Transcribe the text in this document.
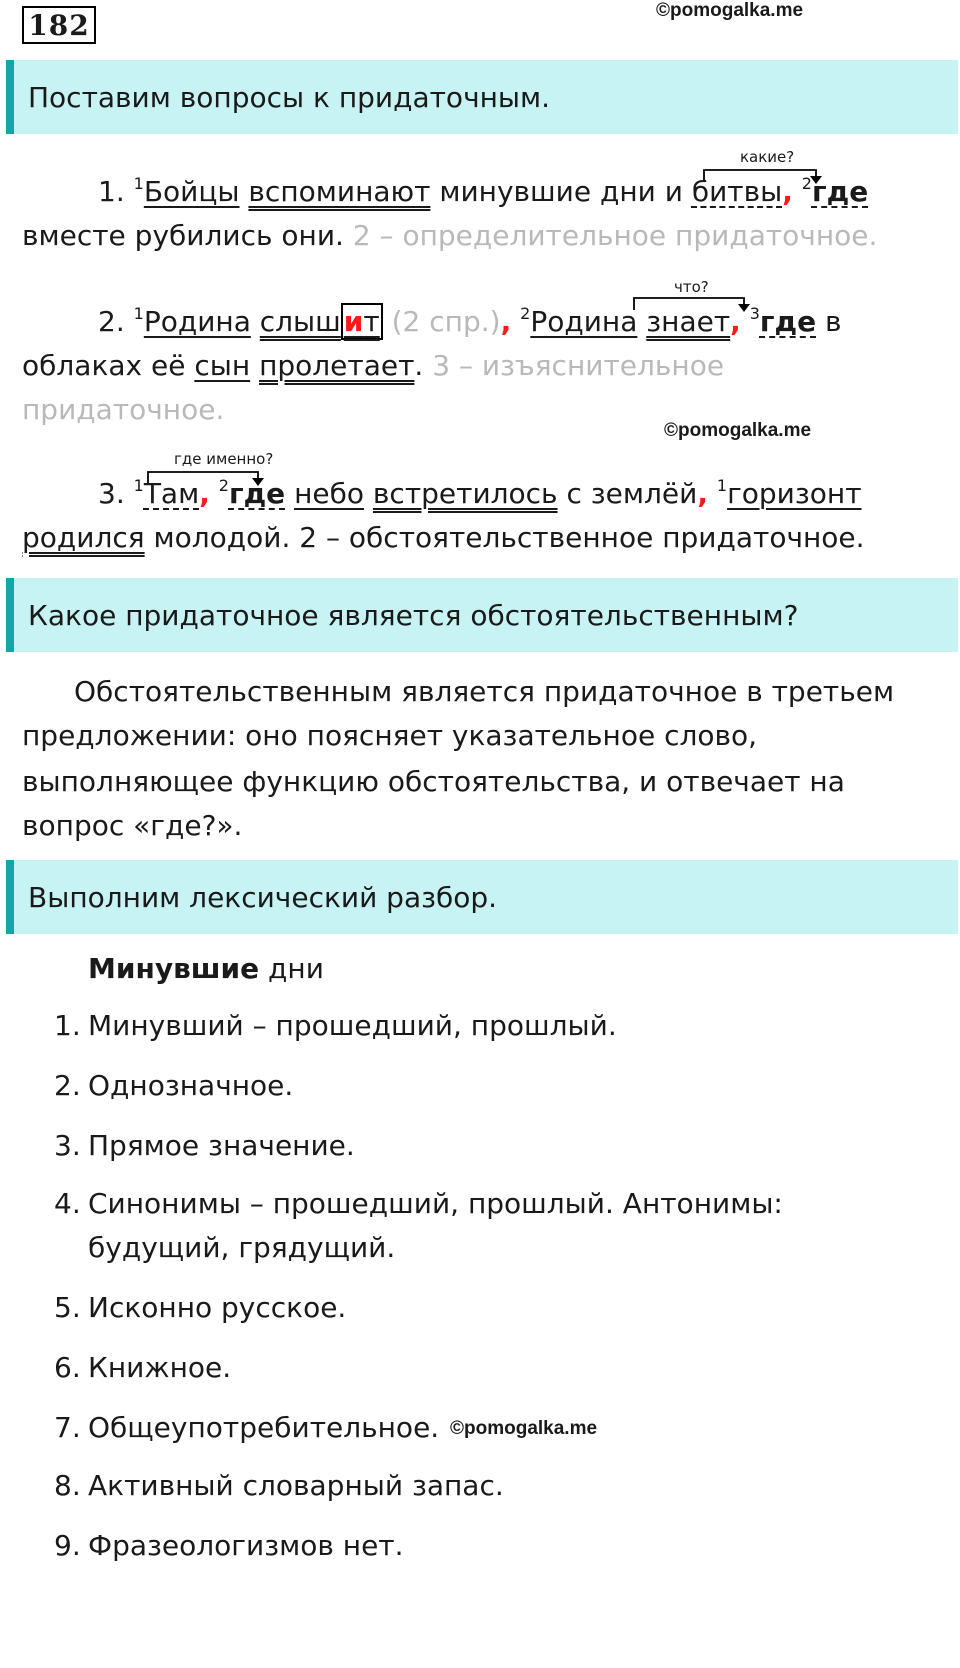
182	©pomogalka.me
Поставим вопросы к придаточным.
какие?
1. $^1$Бойцы вспоминают минувшие дни и битвы, $^2$где
вместе рубились они. 2 – определительное придаточное.
что?
2. $^1$Родина слыш ит (2 спр.), $^2$Родина знает, $^3$где в
облаках её сын пролетает. 3 – изъяснительное
придаточное.
©pomogalka.me
где именно?
3. $^1$Там, $^2$где небо встретилось с землёй, $^1$горизонт
родился молодой. 2 – обстоятельственное придаточное.
Какое придаточное является обстоятельственным?
Обстоятельственным является придаточное в третьем
предложении: оно поясняет указательное слово,
выполняющее функцию обстоятельства, и отвечает на
вопрос «где?».
Выполним лексический разбор.
Минувшие дни
1. Минувший – прошедший, прошлый.
2. Однозначное.
3. Прямое значение.
4. Синонимы – прошедший, прошлый. Антонимы:
будущий, грядущий.
5. Исконно русское.
6. Книжное.
7. Общеупотребительное. ©pomogalka.me
8. Активный словарный запас.
9. Фразеологизмов нет.
